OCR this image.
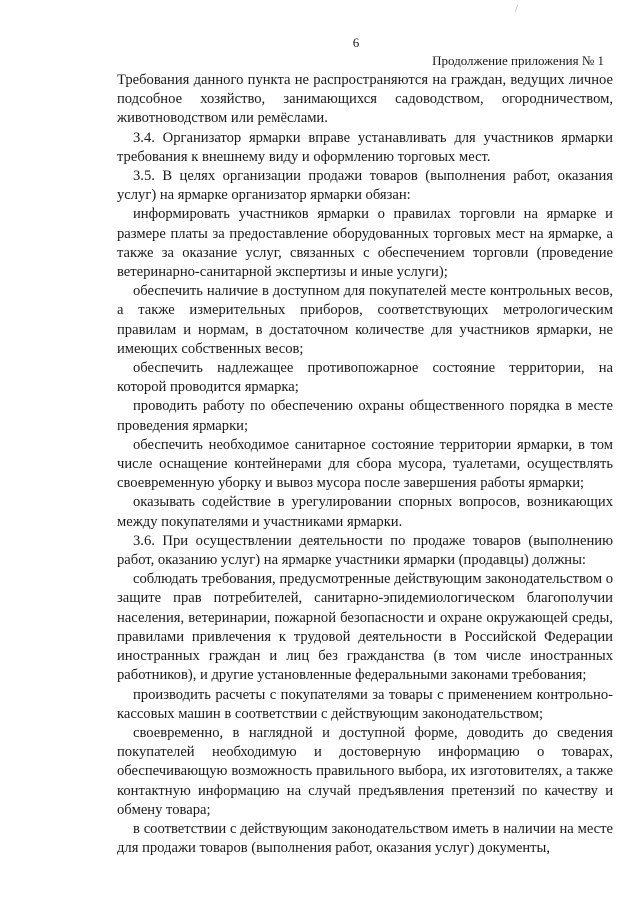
/
6
Продолжение приложения № 1

Требования данного пункта не распространяются на граждан, ведущих личное подсобное хозяйство, занимающихся садоводством, огородничеством, животноводством или ремёслами.

3.4. Организатор ярмарки вправе устанавливать для участников ярмарки требования к внешнему виду и оформлению торговых мест.

3.5. В целях организации продажи товаров (выполнения работ, оказания услуг) на ярмарке организатор ярмарки обязан:

информировать участников ярмарки о правилах торговли на ярмарке и размере платы за предоставление оборудованных торговых мест на ярмарке, а также за оказание услуг, связанных с обеспечением торговли (проведение ветеринарно-санитарной экспертизы и иные услуги);

обеспечить наличие в доступном для покупателей месте контрольных весов, а также измерительных приборов, соответствующих метрологическим правилам и нормам, в достаточном количестве для участников ярмарки, не имеющих собственных весов;

обеспечить надлежащее противопожарное состояние территории, на которой проводится ярмарка;

проводить работу по обеспечению охраны общественного порядка в месте проведения ярмарки;

обеспечить необходимое санитарное состояние территории ярмарки, в том числе оснащение контейнерами для сбора мусора, туалетами, осуществлять своевременную уборку и вывоз мусора после завершения работы ярмарки;

оказывать содействие в урегулировании спорных вопросов, возникающих между покупателями и участниками ярмарки.

3.6. При осуществлении деятельности по продаже товаров (выполнению работ, оказанию услуг) на ярмарке участники ярмарки (продавцы) должны:

соблюдать требования, предусмотренные действующим законодательством о защите прав потребителей, санитарно-эпидемиологическом благополучии населения, ветеринарии, пожарной безопасности и охране окружающей среды, правилами привлечения к трудовой деятельности в Российской Федерации иностранных граждан и лиц без гражданства (в том числе иностранных работников), и другие установленные федеральными законами требования;

производить расчеты с покупателями за товары с применением контрольно-кассовых машин в соответствии с действующим законодательством;

своевременно, в наглядной и доступной форме, доводить до сведения покупателей необходимую и достоверную информацию о товарах, обеспечивающую возможность правильного выбора, их изготовителях, а также контактную информацию на случай предъявления претензий по качеству и обмену товара;

в соответствии с действующим законодательством иметь в наличии на месте для продажи товаров (выполнения работ, оказания услуг) документы,
